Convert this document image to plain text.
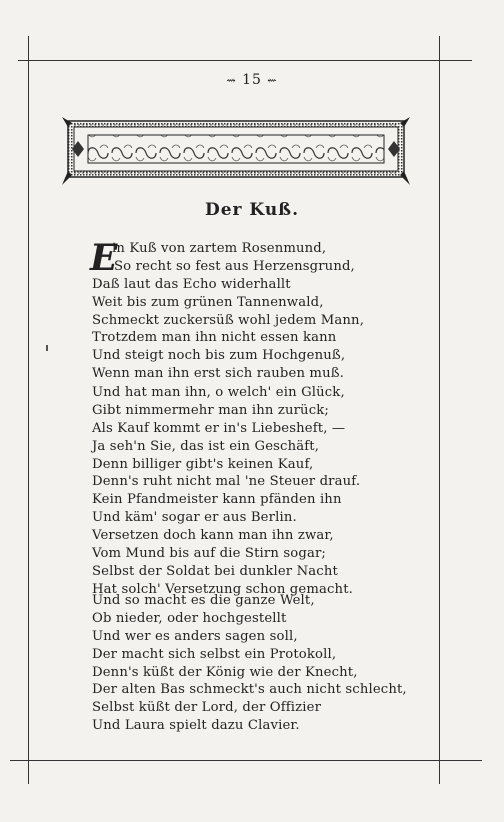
⇝ 15 ⇜
Der Kuß.
E
in Kuß von zartem Rosenmund,
So recht so fest aus Herzensgrund,
Daß laut das Echo widerhallt
Weit bis zum grünen Tannenwald,
Schmeckt zuckersüß wohl jedem Mann,
Trotzdem man ihn nicht essen kann
Und steigt noch bis zum Hochgenuß,
Wenn man ihn erst sich rauben muß.
Und hat man ihn, o welch' ein Glück,
Gibt nimmermehr man ihn zurück;
Als Kauf kommt er in's Liebesheft, —
Ja seh'n Sie, das ist ein Geschäft,
Denn billiger gibt's keinen Kauf,
Denn's ruht nicht mal 'ne Steuer drauf.
Kein Pfandmeister kann pfänden ihn
Und käm' sogar er aus Berlin.
Versetzen doch kann man ihn zwar,
Vom Mund bis auf die Stirn sogar;
Selbst der Soldat bei dunkler Nacht
Hat solch' Versetzung schon gemacht.
Und so macht es die ganze Welt,
Ob nieder, oder hochgestellt
Und wer es anders sagen soll,
Der macht sich selbst ein Protokoll,
Denn's küßt der König wie der Knecht,
Der alten Bas schmeckt's auch nicht schlecht,
Selbst küßt der Lord, der Offizier
Und Laura spielt dazu Clavier.
